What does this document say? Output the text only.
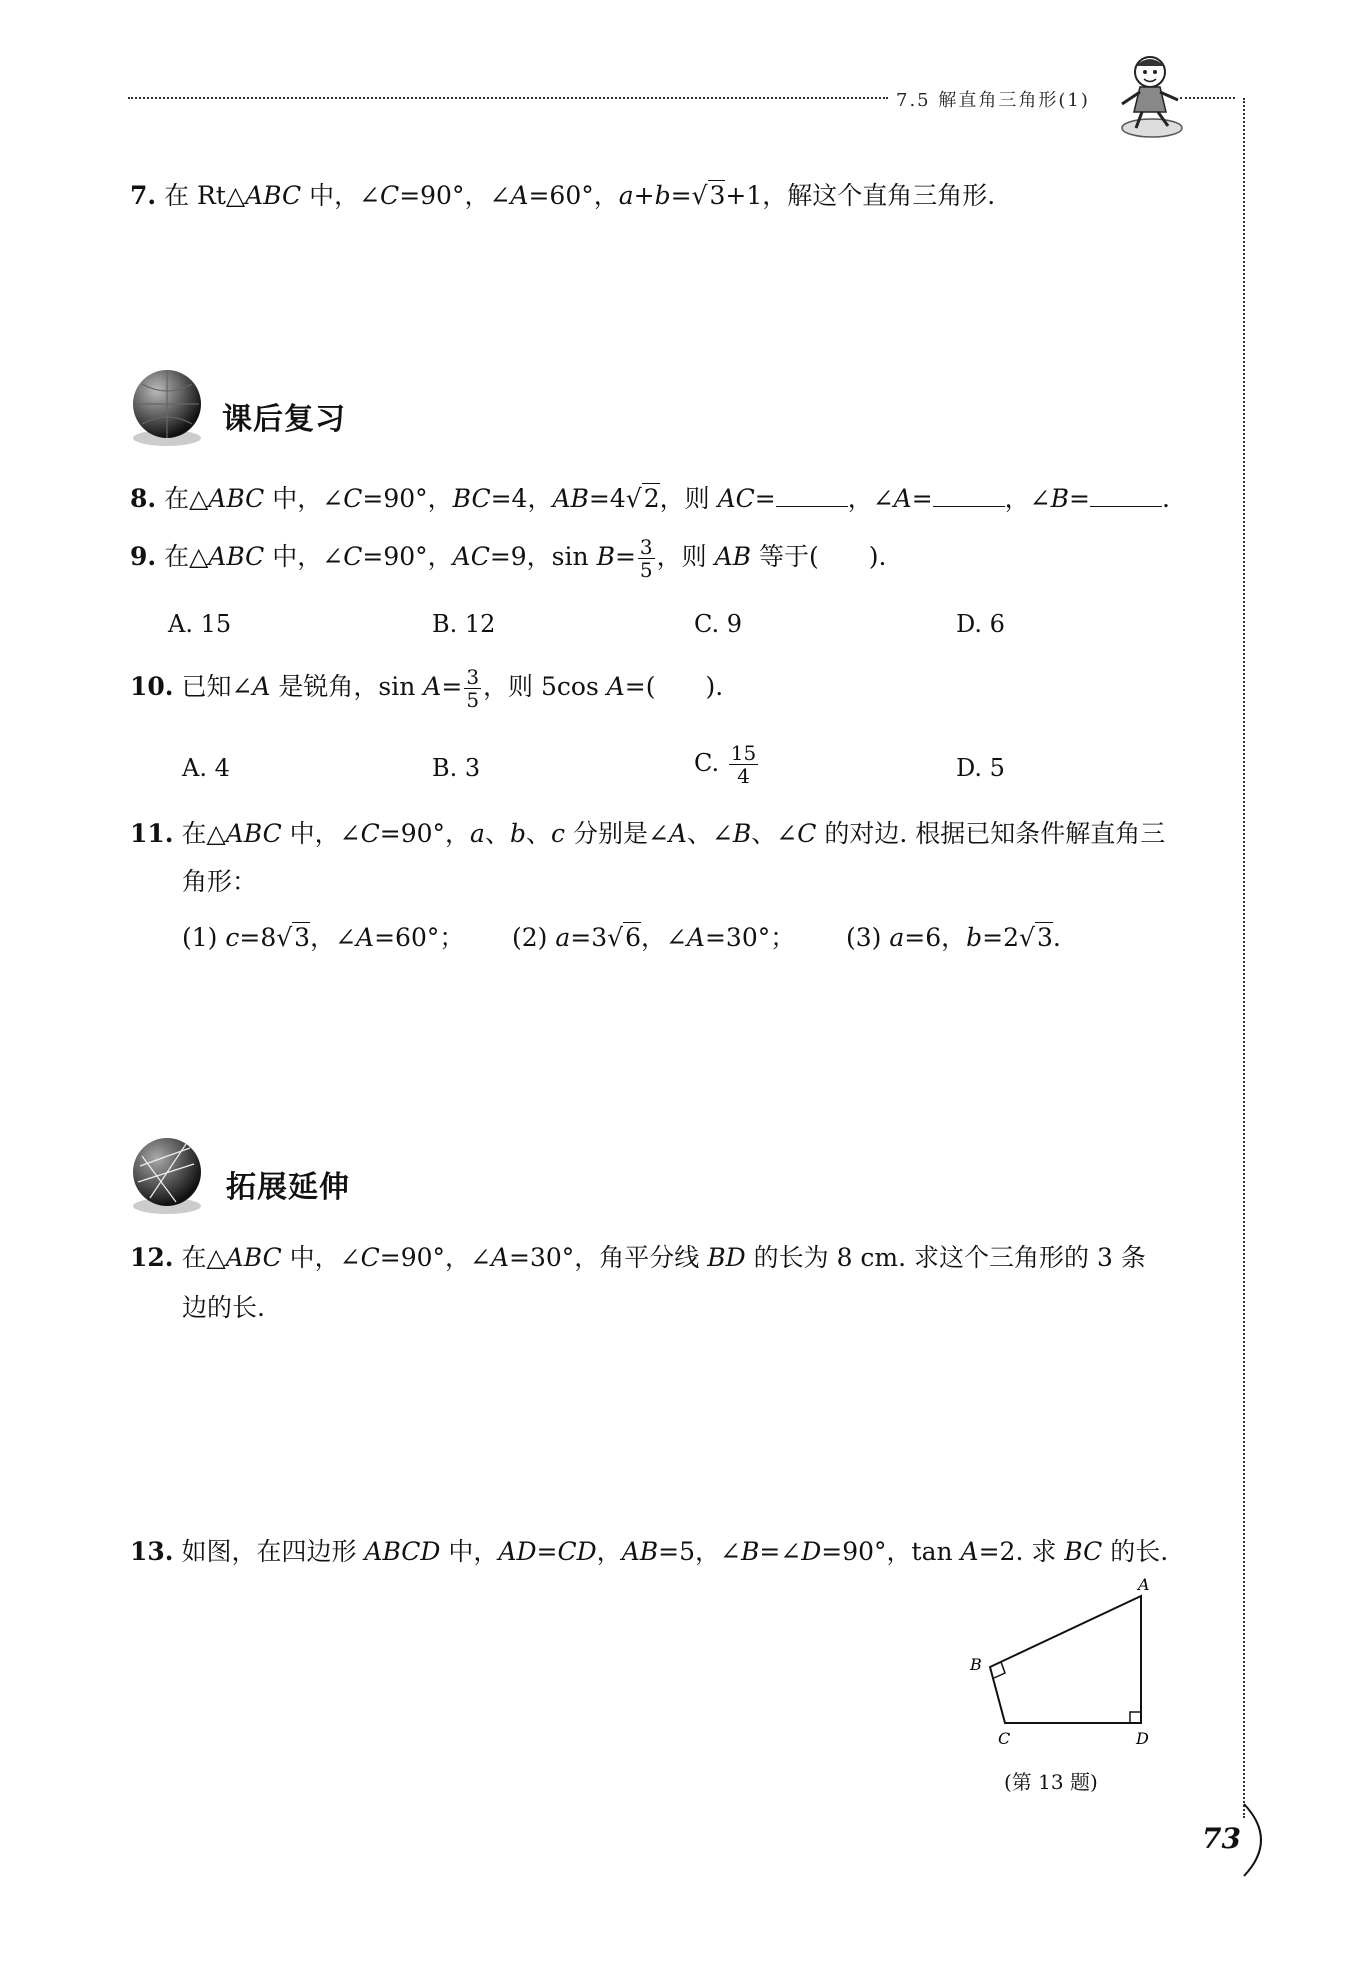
7.5 解直角三角形(1)
7. 在 Rt△ABC 中，∠C=90°，∠A=60°，a+b=√3+1，解这个直角三角形.
课后复习
8. 在△ABC 中，∠C=90°，BC=4，AB=4√2，则 AC=	，∠A=	，∠B=	.
9. 在△ABC 中，∠C=90°，AC=9，$\sin B= \frac{3}{5}$ ，则 AB 等于(　　).
A. 15	B. 12	C. 9	D. 6
10. 已知∠A 是锐角，$\sin A= \frac{3}{5}$ ，则 5cos A=(　　).
A. 4	B. 3	C. $\frac{15}{4}$	D. 5
11. 在△ABC 中，∠C=90°，a、b、c 分别是∠A、∠B、∠C 的对边. 根据已知条件解直角三
角形：
(1) c=8√3，∠A=60°； (2) a=3√6，∠A=30°； (3) a=6，b=2√3.
拓展延伸
12. 在△ABC 中，∠C=90°，∠A=30°，角平分线 BD 的长为 8 cm. 求这个三角形的 3 条
边的长.
13. 如图，在四边形 ABCD 中，AD=CD，AB=5，∠B=∠D=90°，tan A=2. 求 BC 的长.
A
B
C	D
(第 13 题)
73
